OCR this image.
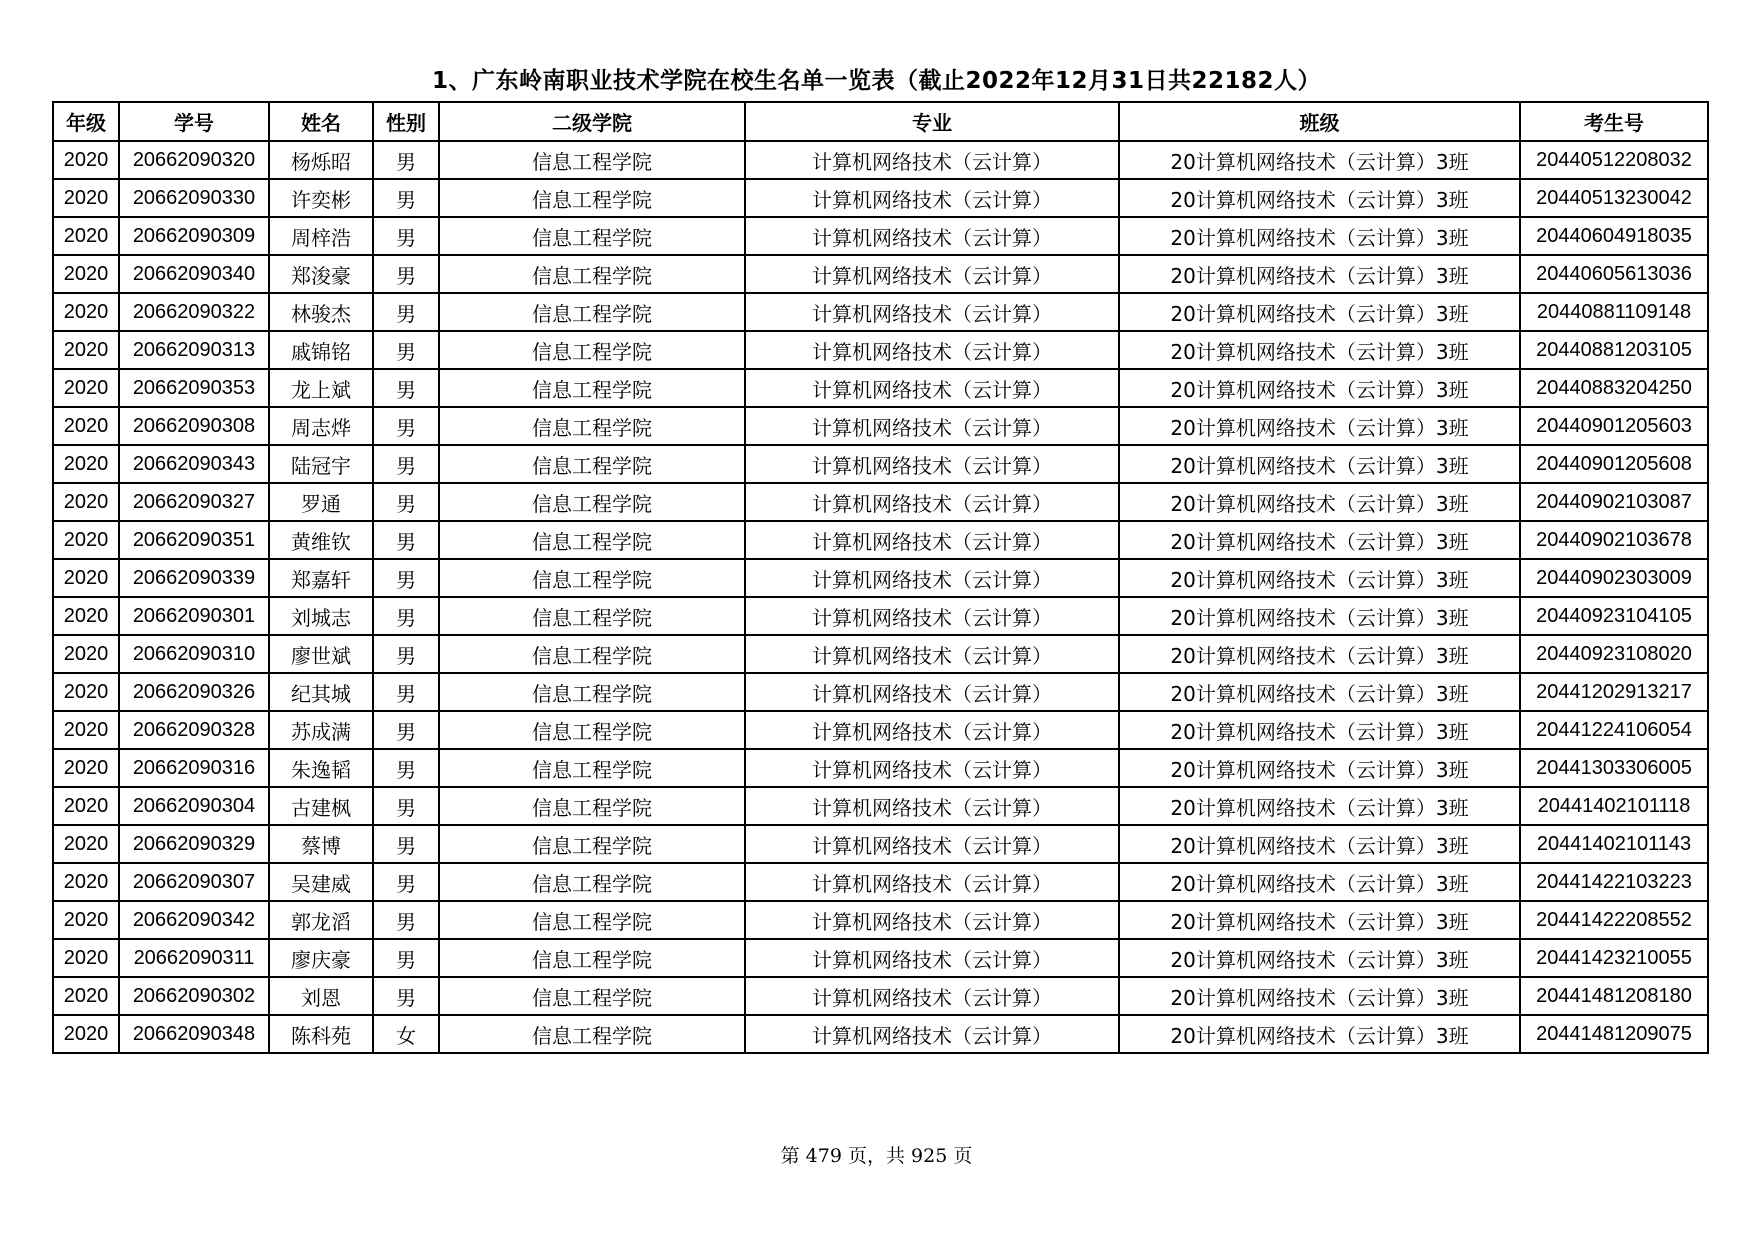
1、广东岭南职业技术学院在校生名单一览表（截止2022年12月31日共22182人）
年级	学号	姓名	性别	二级学院	专业	班级	考生号
2020	20662090320	杨烁昭	男	信息工程学院	计算机网络技术（云计算）	20计算机网络技术（云计算）3班	20440512208032
2020	20662090330	许奕彬	男	信息工程学院	计算机网络技术（云计算）	20计算机网络技术（云计算）3班	20440513230042
2020	20662090309	周梓浩	男	信息工程学院	计算机网络技术（云计算）	20计算机网络技术（云计算）3班	20440604918035
2020	20662090340	郑浚豪	男	信息工程学院	计算机网络技术（云计算）	20计算机网络技术（云计算）3班	20440605613036
2020	20662090322	林骏杰	男	信息工程学院	计算机网络技术（云计算）	20计算机网络技术（云计算）3班	20440881109148
2020	20662090313	戚锦铭	男	信息工程学院	计算机网络技术（云计算）	20计算机网络技术（云计算）3班	20440881203105
2020	20662090353	龙上斌	男	信息工程学院	计算机网络技术（云计算）	20计算机网络技术（云计算）3班	20440883204250
2020	20662090308	周志烨	男	信息工程学院	计算机网络技术（云计算）	20计算机网络技术（云计算）3班	20440901205603
2020	20662090343	陆冠宇	男	信息工程学院	计算机网络技术（云计算）	20计算机网络技术（云计算）3班	20440901205608
2020	20662090327	罗通	男	信息工程学院	计算机网络技术（云计算）	20计算机网络技术（云计算）3班	20440902103087
2020	20662090351	黄维钦	男	信息工程学院	计算机网络技术（云计算）	20计算机网络技术（云计算）3班	20440902103678
2020	20662090339	郑嘉轩	男	信息工程学院	计算机网络技术（云计算）	20计算机网络技术（云计算）3班	20440902303009
2020	20662090301	刘城志	男	信息工程学院	计算机网络技术（云计算）	20计算机网络技术（云计算）3班	20440923104105
2020	20662090310	廖世斌	男	信息工程学院	计算机网络技术（云计算）	20计算机网络技术（云计算）3班	20440923108020
2020	20662090326	纪其城	男	信息工程学院	计算机网络技术（云计算）	20计算机网络技术（云计算）3班	20441202913217
2020	20662090328	苏成满	男	信息工程学院	计算机网络技术（云计算）	20计算机网络技术（云计算）3班	20441224106054
2020	20662090316	朱逸韬	男	信息工程学院	计算机网络技术（云计算）	20计算机网络技术（云计算）3班	20441303306005
2020	20662090304	古建枫	男	信息工程学院	计算机网络技术（云计算）	20计算机网络技术（云计算）3班	20441402101118
2020	20662090329	蔡博	男	信息工程学院	计算机网络技术（云计算）	20计算机网络技术（云计算）3班	20441402101143
2020	20662090307	吴建威	男	信息工程学院	计算机网络技术（云计算）	20计算机网络技术（云计算）3班	20441422103223
2020	20662090342	郭龙滔	男	信息工程学院	计算机网络技术（云计算）	20计算机网络技术（云计算）3班	20441422208552
2020	20662090311	廖庆豪	男	信息工程学院	计算机网络技术（云计算）	20计算机网络技术（云计算）3班	20441423210055
2020	20662090302	刘恩	男	信息工程学院	计算机网络技术（云计算）	20计算机网络技术（云计算）3班	20441481208180
2020	20662090348	陈科苑	女	信息工程学院	计算机网络技术（云计算）	20计算机网络技术（云计算）3班	20441481209075
第 479 页，共 925 页
